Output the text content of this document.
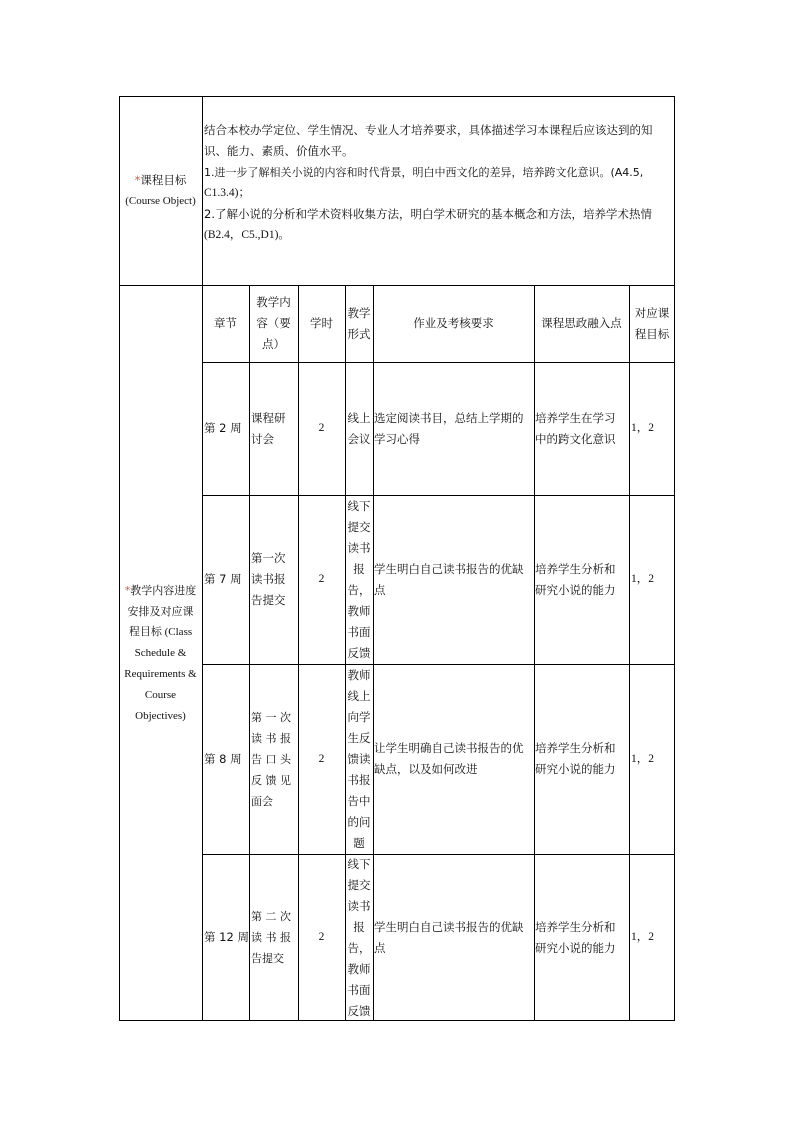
*课程目标
(Course Object)
结合本校办学定位、学生情况、专业人才培养要求，具体描述学习本课程后应该达到的知
识、能力、素质、价值水平。
1.进一步了解相关小说的内容和时代背景，明白中西文化的差异，培养跨文化意识。(A4.5,
C1.3.4)；
2.了解小说的分析和学术资料收集方法，明白学术研究的基本概念和方法，培养学术热情
(B2.4，C5.,D1)。
*教学内容进度
安排及对应课
程目标 (Class
Schedule &
Requirements &
Course
Objectives)
章节
教学内
容（要
点）
学时
教学
形式
作业及考核要求	课程思政融入点
对应课
程目标
第 2 周
课程研
讨会
2
线上
会议
选定阅读书目，总结上学期的
学习心得
培养学生在学习
中的跨文化意识
1，2
第 7 周
第一次
读书报
告提交
2
线下
提交
读书
报
告，
教师
书面
反馈
学生明白自己读书报告的优缺
点
培养学生分析和
研究小说的能力
1，2
第 8 周
第 一 次
读 书 报
告 口 头
反 馈 见
面会
2
教师
线上
向学
生反
馈读
书报
告中
的问
题
让学生明确自己读书报告的优
缺点，以及如何改进
培养学生分析和
研究小说的能力
1，2
第 12 周
第 二 次
读 书 报
告提交
2
线下
提交
读书
报
告，
教师
书面
反馈
学生明白自己读书报告的优缺
点
培养学生分析和
研究小说的能力
1，2
